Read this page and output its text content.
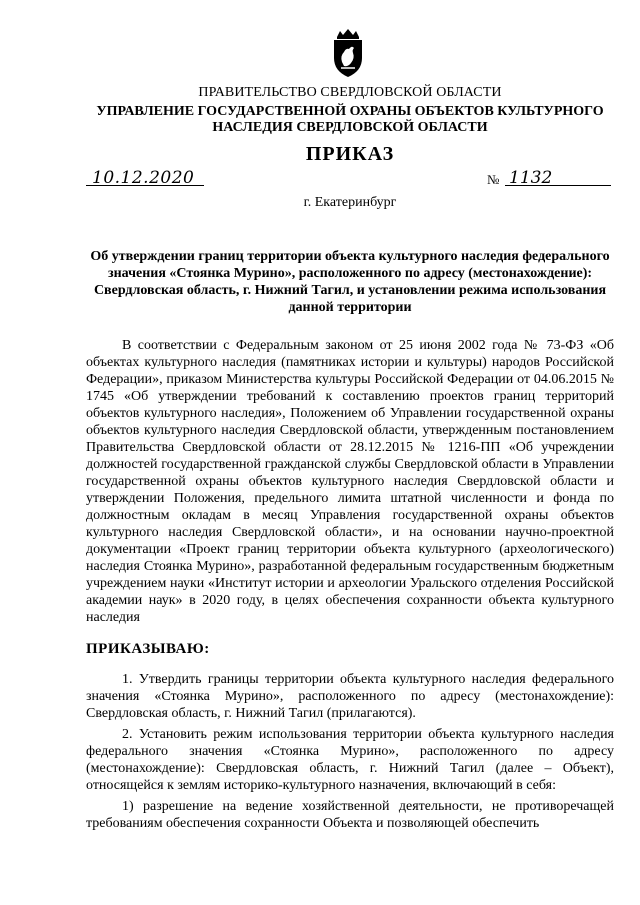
ПРАВИТЕЛЬСТВО СВЕРДЛОВСКОЙ ОБЛАСТИ
УПРАВЛЕНИЕ ГОСУДАРСТВЕННОЙ ОХРАНЫ ОБЪЕКТОВ КУЛЬТУРНОГО НАСЛЕДИЯ СВЕРДЛОВСКОЙ ОБЛАСТИ
ПРИКАЗ
10.12.2020	№ 1132
г. Екатеринбург
Об утверждении границ территории объекта культурного наследия федерального значения «Стоянка Мурино», расположенного по адресу (местонахождение): Свердловская область, г. Нижний Тагил, и установлении режима использования данной территории
В соответствии с Федеральным законом от 25 июня 2002 года № 73-ФЗ «Об объектах культурного наследия (памятниках истории и культуры) народов Российской Федерации», приказом Министерства культуры Российской Федерации от 04.06.2015 № 1745 «Об утверждении требований к составлению проектов границ территорий объектов культурного наследия», Положением об Управлении государственной охраны объектов культурного наследия Свердловской области, утвержденным постановлением Правительства Свердловской области от 28.12.2015 № 1216-ПП «Об учреждении должностей государственной гражданской службы Свердловской области в Управлении государственной охраны объектов культурного наследия Свердловской области и утверждении Положения, предельного лимита штатной численности и фонда по должностным окладам в месяц Управления государственной охраны объектов культурного наследия Свердловской области», и на основании научно-проектной документации «Проект границ территории объекта культурного (археологического) наследия Стоянка Мурино», разработанной федеральным государственным бюджетным учреждением науки «Институт истории и археологии Уральского отделения Российской академии наук» в 2020 году, в целях обеспечения сохранности объекта культурного наследия
ПРИКАЗЫВАЮ:
1. Утвердить границы территории объекта культурного наследия федерального значения «Стоянка Мурино», расположенного по адресу (местонахождение): Свердловская область, г. Нижний Тагил (прилагаются).
2. Установить режим использования территории объекта культурного наследия федерального значения «Стоянка Мурино», расположенного по адресу (местонахождение): Свердловская область, г. Нижний Тагил (далее – Объект), относящейся к землям историко-культурного назначения, включающий в себя:
1) разрешение на ведение хозяйственной деятельности, не противоречащей требованиям обеспечения сохранности Объекта и позволяющей обеспечить
